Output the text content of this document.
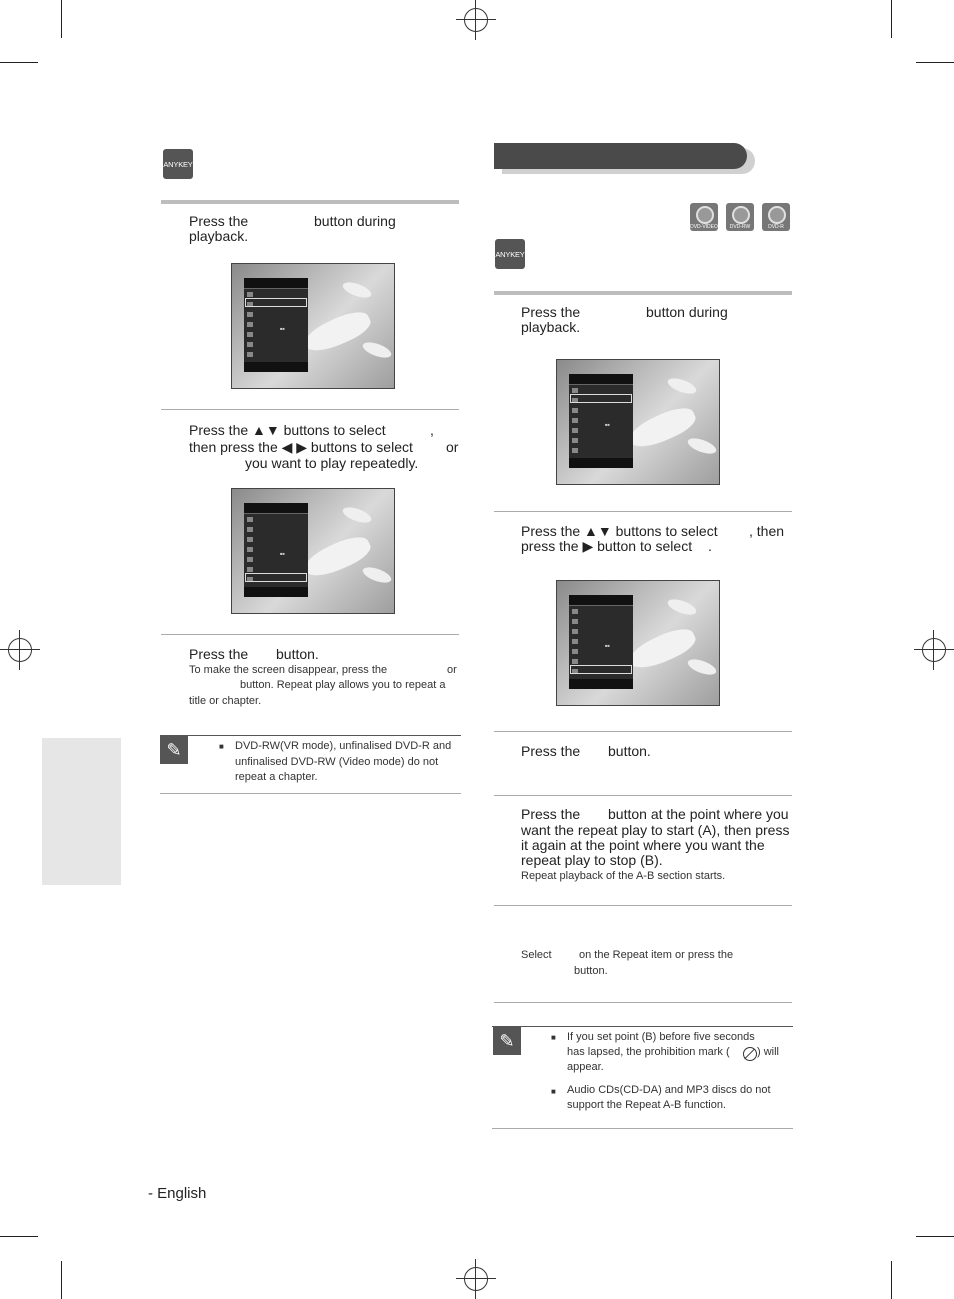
ANYKEY
Press the	button during
playback.
■■
Press the ▲▼ buttons to select	,
then press the ◀ ▶ buttons to select or
you want to play repeatedly.
■■
Press the button.
To make the screen disappear, press the	or
button. Repeat play allows you to repeat a
title or chapter.
✎	■ DVD-RW(VR mode), unfinalised DVD-R and unfinalised DVD-RW (Video mode) do not repeat a chapter.
DVD-VIDEO	DVD-RW	DVD-R
ANYKEY
Press the	button during
playback.
■■
Press the ▲▼ buttons to select , then
press the ▶ button to select .
■■
Press the button.
Press the button at the point where you
want the repeat play to start (A), then press
it again at the point where you want the
repeat play to stop (B).
Repeat playback of the A-B section starts.
Select on the Repeat item or press the
button.
✎	■ If you set point (B) before five seconds
has lapsed, the prohibition mark ( ) will
appear.
■ Audio CDs(CD-DA) and MP3 discs do not
support the Repeat A-B function.
- English
